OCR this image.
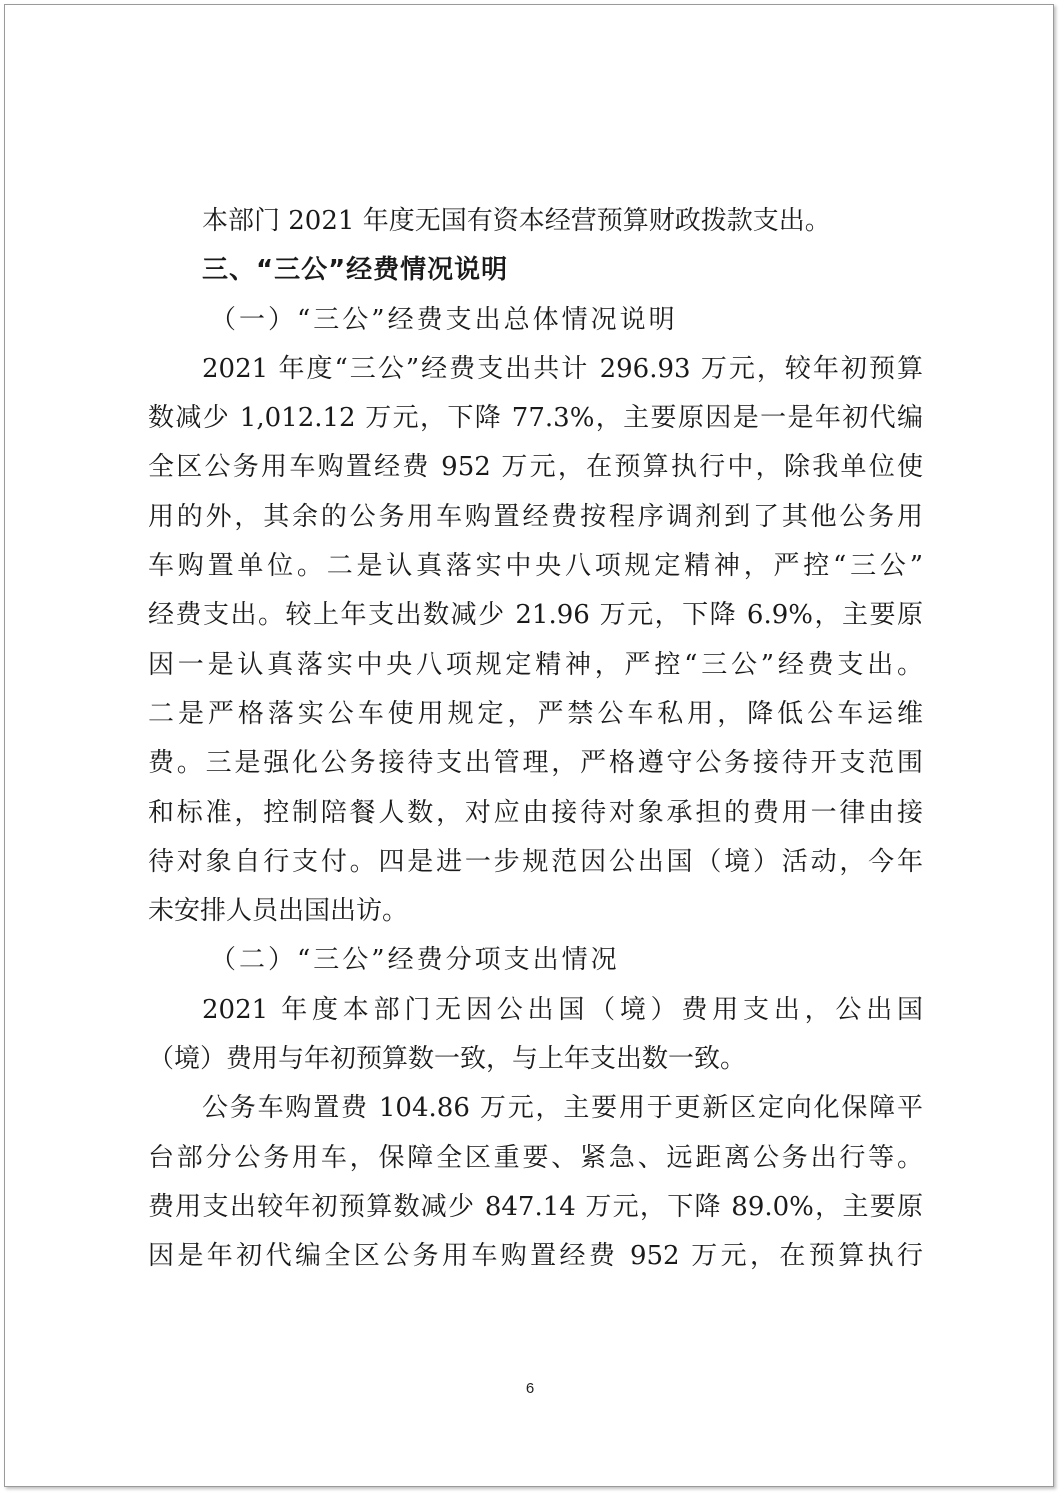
本部门 2021 年度无国有资本经营预算财政拨款支出。
三、“三公”经费情况说明
（一）“三公”经费支出总体情况说明
2021 年度“三公”经费支出共计 296.93 万元，较年初预算
数减少 1,012.12 万元，下降 77.3%，主要原因是一是年初代编
全区公务用车购置经费 952 万元，在预算执行中，除我单位使
用的外，其余的公务用车购置经费按程序调剂到了其他公务用
车购置单位。二是认真落实中央八项规定精神，严控“三公”
经费支出。较上年支出数减少 21.96 万元，下降 6.9%，主要原
因一是认真落实中央八项规定精神，严控“三公”经费支出。
二是严格落实公车使用规定，严禁公车私用，降低公车运维
费。三是强化公务接待支出管理，严格遵守公务接待开支范围
和标准，控制陪餐人数，对应由接待对象承担的费用一律由接
待对象自行支付。四是进一步规范因公出国（境）活动，今年
未安排人员出国出访。
（二）“三公”经费分项支出情况
2021 年度本部门无因公出国（境）费用支出，公出国
（境）费用与年初预算数一致，与上年支出数一致。
公务车购置费 104.86 万元，主要用于更新区定向化保障平
台部分公务用车，保障全区重要、紧急、远距离公务出行等。
费用支出较年初预算数减少 847.14 万元，下降 89.0%，主要原
因是年初代编全区公务用车购置经费 952 万元，在预算执行
6
